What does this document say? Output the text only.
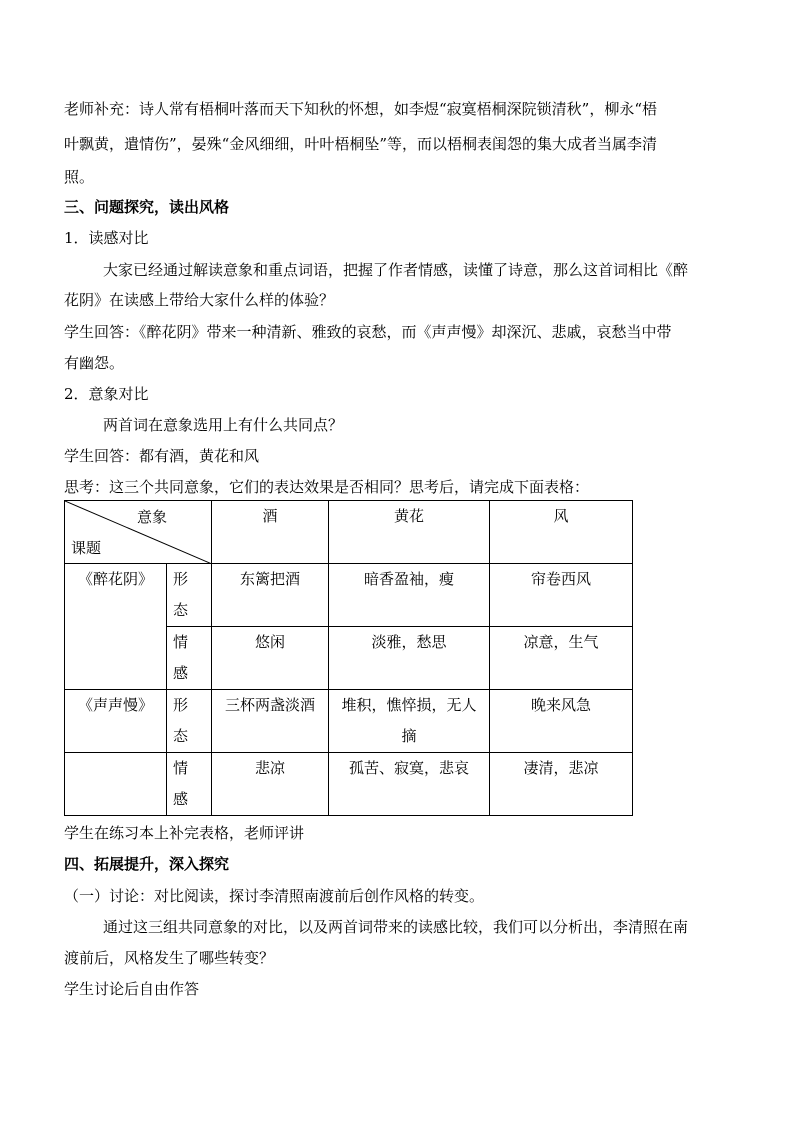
老师补充：诗人常有梧桐叶落而天下知秋的怀想，如李煜“寂寞梧桐深院锁清秋”，柳永“梧
叶飘黄，遣情伤”，晏殊“金风细细，叶叶梧桐坠”等，而以梧桐表闺怨的集大成者当属李清
照。
三、问题探究，读出风格
1．读感对比
大家已经通过解读意象和重点词语，把握了作者情感，读懂了诗意，那么这首词相比《醉
花阴》在读感上带给大家什么样的体验？
学生回答：《醉花阴》带来一种清新、雅致的哀愁，而《声声慢》却深沉、悲戚，哀愁当中带
有幽怨。
2．意象对比
两首词在意象选用上有什么共同点？
学生回答：都有酒，黄花和风
思考：这三个共同意象，它们的表达效果是否相同？思考后，请完成下面表格：
意象
课题		酒	黄花	风
《醉花阴》	形
态	东篱把酒	暗香盈袖，瘦	帘卷西风
	情
感	悠闲	淡雅，愁思	凉意，生气
《声声慢》	形
态	三杯两盏淡酒	堆积，憔悴损，无人
摘	晚来风急
	情
感	悲凉	孤苦、寂寞，悲哀	凄清，悲凉
学生在练习本上补完表格，老师评讲
四、拓展提升，深入探究
（一）讨论：对比阅读，探讨李清照南渡前后创作风格的转变。
通过这三组共同意象的对比，以及两首词带来的读感比较，我们可以分析出，李清照在南
渡前后，风格发生了哪些转变？
学生讨论后自由作答
